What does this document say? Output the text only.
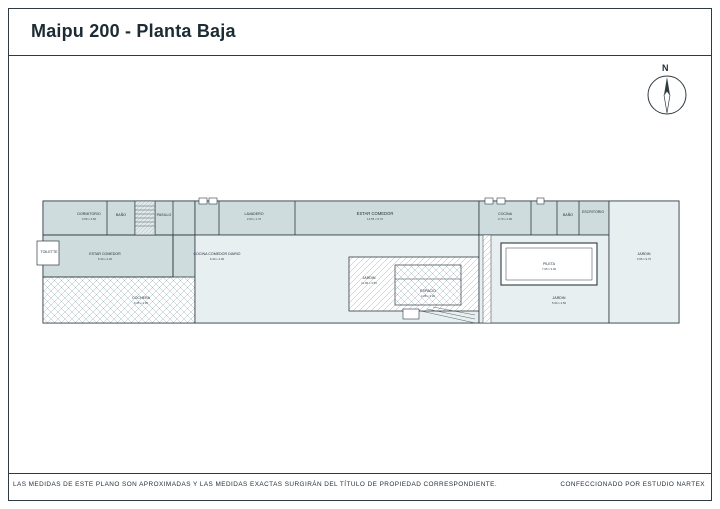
Maipu 200 - Planta Baja
N
DORMITORIO
3.59 x 3.50
BAÑO	PASILLO
TOILETTE
LAVADERO
2.60 x 1.70
ESTAR COMEDOR
5.40 x 4.20
COCINA COMEDOR DIARIO
6.40 x 4.00
ESTAR COMEDOR
14.55 x 5.70
COCHERA
9.35 x 2.95
JARDIN
11.65 x 4.55
ESPACIO
4.08 x 3.20
COCINA
3.70 x 2.90
BAÑO
ESCRITORIO
PILETA
7.95 x 3.00
JARDIN
5.90 x 4.50
JARDIN
4.55 x 9.70
LAS MEDIDAS DE ESTE PLANO SON APROXIMADAS Y LAS MEDIDAS EXACTAS SURGIRÁN DEL TÍTULO DE PROPIEDAD CORRESPONDIENTE.	CONFECCIONADO POR ESTUDIO NARTEX
